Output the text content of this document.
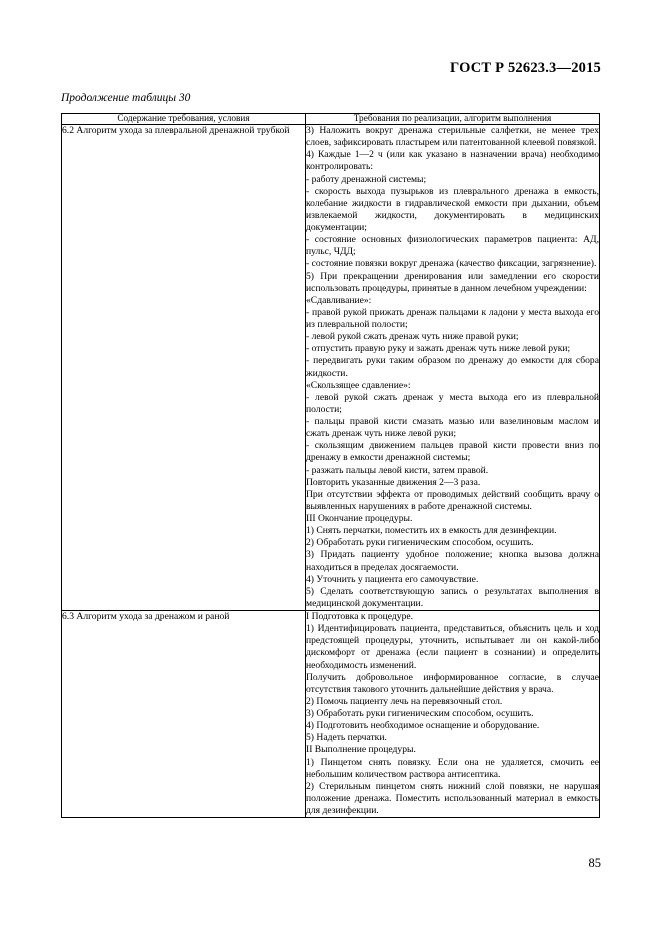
ГОСТ Р 52623.3—2015
Продолжение таблицы 30
Содержание требования, условия	Требования по реализации, алгоритм выполнения

6.2 Алгоритм ухода за плевральной дренажной трубкой	3) Наложить вокруг дренажа стерильные салфетки, не менее трех слоев, зафиксировать пластырем или патентованной клеевой повязкой.

4) Каждые 1—2 ч (или как указано в назначении врача) необходимо контролировать:

- работу дренажной системы;

- скорость выхода пузырьков из плеврального дренажа в емкость, колебание жидкости в гидравлической емкости при дыхании, объем извлекаемой жидкости, документировать в медицинских документации;

- состояние основных физиологических параметров пациента: АД, пульс, ЧДД;

- состояние повязки вокруг дренажа (качество фиксации, загрязнение).

5) При прекращении дренирования или замедлении его скорости использовать процедуры, принятые в данном лечебном учреждении:

«Сдавливание»:

- правой рукой прижать дренаж пальцами к ладони у места выхода его из плевральной полости;

- левой рукой сжать дренаж чуть ниже правой руки;

- отпустить правую руку и зажать дренаж чуть ниже левой руки;

- передвигать руки таким образом по дренажу до емкости для сбора жидкости.

«Скользящее сдавление»:

- левой рукой сжать дренаж у места выхода его из плевральной полости;

- пальцы правой кисти смазать мазью или вазелиновым маслом и сжать дренаж чуть ниже левой руки;

- скользящим движением пальцев правой кисти провести вниз по дренажу в емкости дренажной системы;

- разжать пальцы левой кисти, затем правой.

Повторить указанные движения 2—3 раза.

При отсутствии эффекта от проводимых действий сообщить врачу о выявленных нарушениях в работе дренажной системы.

III Окончание процедуры.

1) Снять перчатки, поместить их в емкость для дезинфекции.

2) Обработать руки гигиеническим способом, осушить.

3) Придать пациенту удобное положение; кнопка вызова должна находиться в пределах досягаемости.

4) Уточнить у пациента его самочувствие.

5) Сделать соответствующую запись о результатах выполнения в медицинской документации.

6.3 Алгоритм ухода за дренажом и раной	I Подготовка к процедуре.

1) Идентифицировать пациента, представиться, объяснить цель и ход предстоящей процедуры, уточнить, испытывает ли он какой-либо дискомфорт от дренажа (если пациент в сознании) и определить необходимость изменений.

Получить добровольное информированное согласие, в случае отсутствия такового уточнить дальнейшие действия у врача.

2) Помочь пациенту лечь на перевязочный стол.

3) Обработать руки гигиеническим способом, осушить.

4) Подготовить необходимое оснащение и оборудование.

5) Надеть перчатки.

II Выполнение процедуры.

1) Пинцетом снять повязку. Если она не удаляется, смочить ее небольшим количеством раствора антисептика.

2) Стерильным пинцетом снять нижний слой повязки, не нарушая положение дренажа. Поместить использованный материал в емкость для дезинфекции.

85
